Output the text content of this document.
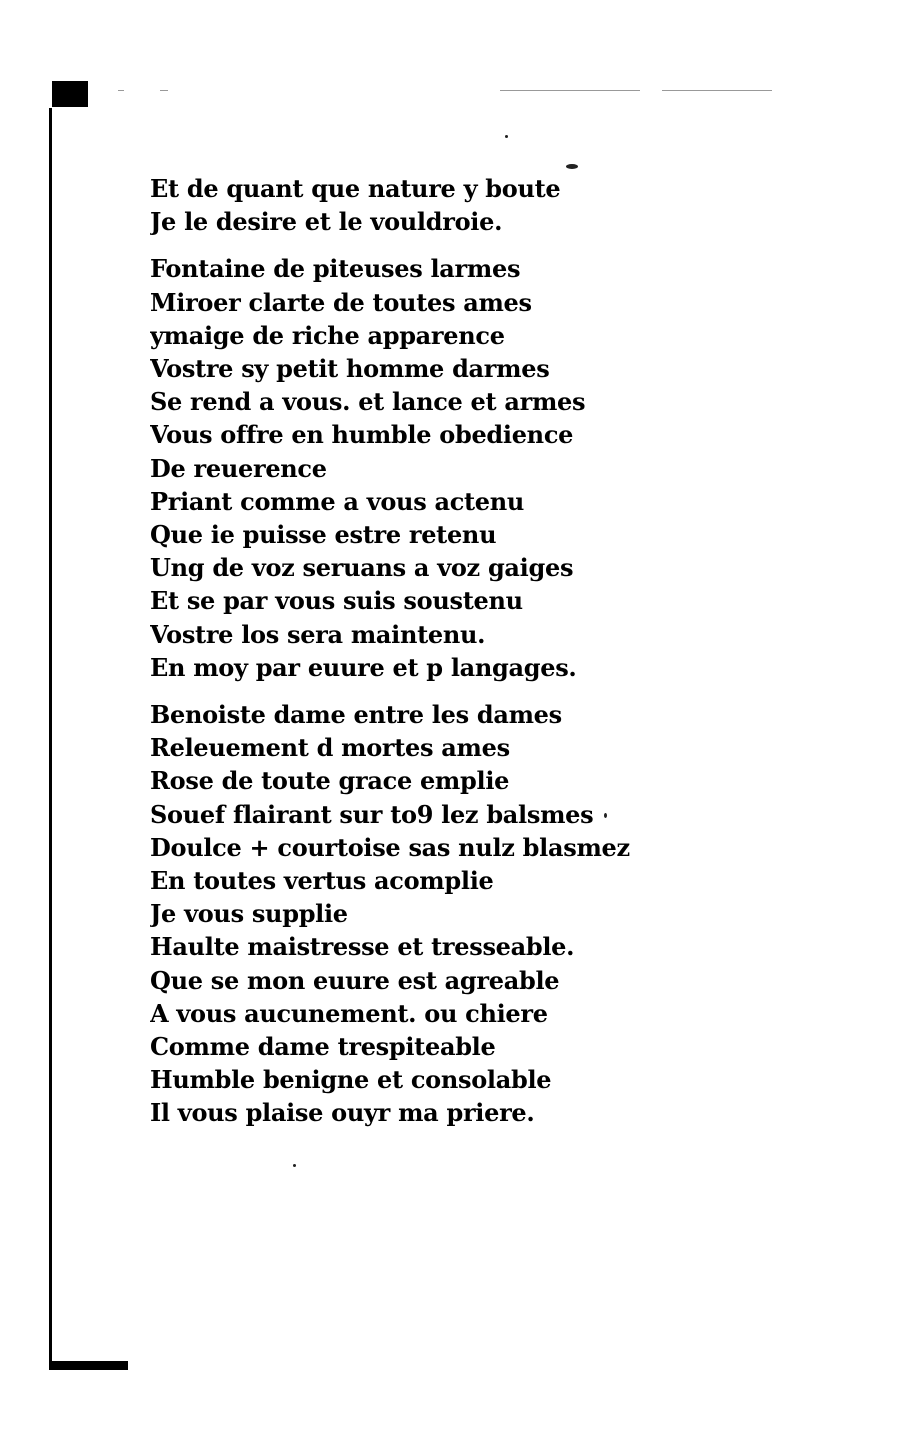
Et de quant que nature y boute
Je le desire et le vouldroie.
Fontaine de piteuses larmes
Miroer clarte de toutes ames
ymaige de riche apparence
Vostre sy petit homme darmes
Se rend a vous. et lance et armes
Vous offre en humble obedience
De reuerence
Priant comme a vous actenu
Que ie puisse estre retenu
Ung de voz seruans a voz gaiges
Et se par vous suis soustenu
Vostre los sera maintenu.
En moy par euure et p langages.
Benoiste dame entre les dames
Releuement d mortes ames
Rose de toute grace emplie
Souef flairant sur to9 lez balsmes
Doulce + courtoise sas nulz blasmez
En toutes vertus acomplie
Je vous supplie
Haulte maistresse et tresseable.
Que se mon euure est agreable
A vous aucunement. ou chiere
Comme dame trespiteable
Humble benigne et consolable
Il vous plaise ouyr ma priere.
